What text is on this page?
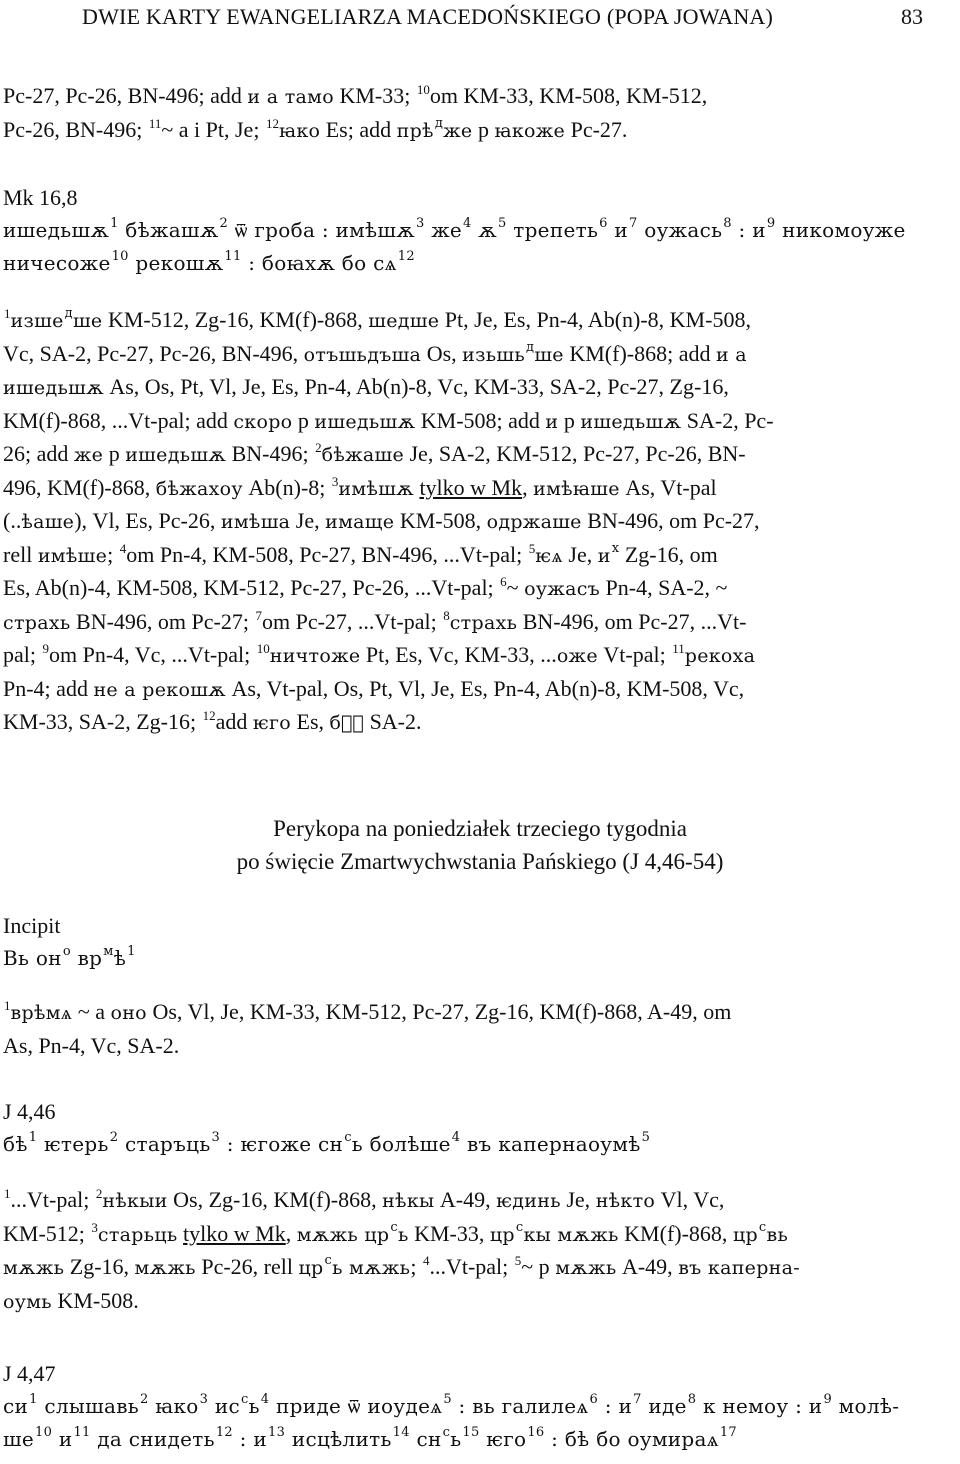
DWIE KARTY EWANGELIARZA MACEDOŃSKIEGO (POPA JOWANA)	83
Pc-27, Pc-26, BN-496; add и а тамо KM-33; $^{10}$om KM-33, KM-508, KM-512,
Pc-26, BN-496; $^{11}$~ a i Pt, Je; $^{12}$ꙗко Es; add прѣ$^д$же р ꙗкоже Pc-27.
Mk 16,8
ишедьшѫ$^1$ бѣжашѫ$^2$ ѿ гроба : имѣшѫ$^3$ $же^4$ $ѫ^5$ трепеть$^6$ $и^7$ оужась$^8$ : $и^9$ никомоуже
ничесоже$^{10}$ рекошѫ$^{11}$ : боꙗхѫ бо $сѧ^{12}$
$^1$изше$^д$ше KM-512, Zg-16, KM(f)-868, шедше Pt, Je, Es, Pn-4, Ab(n)-8, KM-508,
Vc, SA-2, Pc-27, Pc-26, BN-496, отъшьдъша Os, изьшь$^д$ше KM(f)-868; add и а
ишедьшѫ As, Os, Pt, Vl, Je, Es, Pn-4, Ab(n)-8, Vc, KM-33, SA-2, Pc-27, Zg-16,
KM(f)-868, ...Vt-pal; add скоро р ишедьшѫ KM-508; add и р ишедьшѫ SA-2, Pc-
26; add же р ишедьшѫ BN-496; $^2$бѣжаше Je, SA-2, KM-512, Pc-27, Pc-26, BN-
496, KM(f)-868, бѣжахоу Ab(n)-8; $^3$имѣшѫ tylko w Mk, имѣꙗше As, Vt-pal
(..ѣаше), Vl, Es, Pc-26, имѣша Je, имаще KM-508, одржаше BN-496, om Pc-27,
rell имѣше; $^4$om Pn-4, KM-508, Pc-27, BN-496, ...Vt-pal; $^5$ѥѧ Je, $и^х$ Zg-16, om
Es, Ab(n)-4, KM-508, KM-512, Pc-27, Pc-26, ...Vt-pal; $^6$~ оужасъ Pn-4, SA-2, ~
страхь BN-496, om Pc-27; $^7$om Pc-27, ...Vt-pal; $^8$страхь BN-496, om Pc-27, ...Vt-
pal; $^9$om Pn-4, Vc, ...Vt-pal; $^{10}$ничтоже Pt, Es, Vc, KM-33, ...оже Vt-pal; $^{11}$рекоха
Pn-4; add не а рекошѫ As, Vt-pal, Os, Pt, Vl, Je, Es, Pn-4, Ab(n)-8, KM-508, Vc,
KM-33, SA-2, Zg-16; $^{12}$add ѥго Es, бⷪ҇ SA-2.
Perykopa na poniedziałek trzeciego tygodnia
po święcie Zmartwychwstania Pańskiego (J 4,46-54)
Incipit
Вь $он^о$ $вр^мѣ^1$
$^1$врѣмѧ ~ а оно Os, Vl, Je, KM-33, KM-512, Pc-27, Zg-16, KM(f)-868, A-49, om
As, Pn-4, Vc, SA-2.
J 4,46
$бѣ^1$ ѥтерь$^2$ старъць$^3$ : ѥгоже $сн^сь$ болѣше$^4$ въ капернаоумѣ$^5$
$^1$...Vt-pal; $^2$нѣкыи Os, Zg-16, KM(f)-868, нѣкы A-49, ѥдинь Je, нѣкто Vl, Vc,
KM-512; $^3$старьць tylko w Mk, мѫжь $цр^сь$ KM-33, $цр^скы$ мѫжь KM(f)-868, $цр^свь$
мѫжь Zg-16, мѫжь Pc-26, rell $цр^сь$ мѫжь; $^4$...Vt-pal; $^5$~ р мѫжь A-49, въ каперна-
оумь KM-508.
J 4,47
$си^1$ слышавь$^2$ ꙗко$^3$ $ис^сь^4$ приде ѿ иоудеѧ$^5$ : вь галилеѧ$^6$ : $и^7$ иде$^8$ к немоу : $и^9$ молѣ-
$ше^{10}$ $и^{11}$ да снидеть$^{12}$ : $и^{13}$ исцѣлить$^{14}$ $сн^сь^{15}$ ѥго$^{16}$ : бѣ бо оумираѧ$^{17}$
